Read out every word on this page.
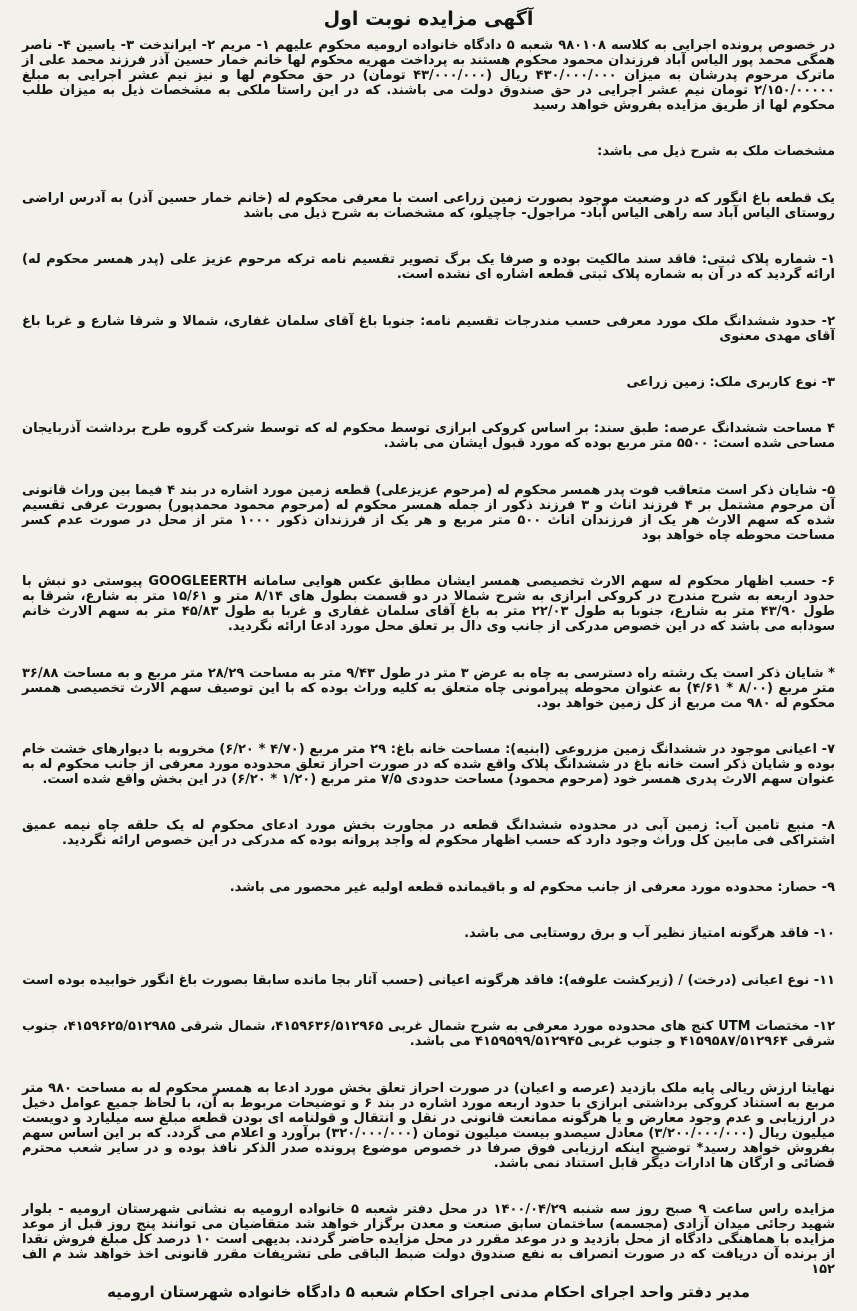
آگهی مزایده نوبت اول

در خصوص پرونده اجرایی به کلاسه ۹۸۰۱۰۸ شعبه ۵ دادگاه خانواده ارومیه محکوم علیهم ۱- مریم ۲- ایراندخت ۳- یاسین ۴- ناصر همگی محمد پور الیاس آباد فرزندان محمود محکوم هستند به پرداخت مهریه محکوم لها خانم خمار حسین آذر فرزند محمد علی از ماترک مرحوم پدرشان به میزان ۴۳۰/۰۰۰/۰۰۰ ریال (۴۳/۰۰۰/۰۰۰ تومان) در حق محکوم لها و نیز نیم عشر اجرایی به مبلغ ۲/۱۵۰/۰۰۰۰۰ تومان نیم عشر اجرایی در حق صندوق دولت می باشند. که در این راستا ملکی به مشخصات ذیل به میزان طلب محکوم لها از طریق مزایده بفروش خواهد رسید

مشخصات ملک به شرح ذیل می باشد:

یک قطعه باغ انگور که در وضعیت موجود بصورت زمین زراعی است با معرفی محکوم له (خانم خمار حسین آذر) به آدرس اراضی روستای الیاس آباد سه راهی الیاس آباد- مراجول- جاچیلو، که مشخصات به شرح ذیل می باشد

۱- شماره پلاک ثبتی: فاقد سند مالکیت بوده و صرفا یک برگ تصویر تقسیم نامه ترکه مرحوم عزیز علی (پدر همسر محکوم له) ارائه گردید که در آن به شماره پلاک ثبتی قطعه اشاره ای نشده است.

۲- حدود ششدانگ ملک مورد معرفی حسب مندرجات تقسیم نامه: جنوبا باغ آقای سلمان غفاری، شمالا و شرقا شارع و غربا باغ آقای مهدی معنوی

۳- نوع کاربری ملک: زمین زراعی

۴ مساحت ششدانگ عرصه: طبق سند: بر اساس کروکی ابرازی توسط محکوم له که توسط شرکت گروه طرح برداشت آذربایجان مساحی شده است: ۵۵۰۰ متر مربع بوده که مورد قبول ایشان می باشد.

۵- شایان ذکر است متعاقب فوت پدر همسر محکوم له (مرحوم عزیزعلی) قطعه زمین مورد اشاره در بند ۴ فیما بین وراث قانونی آن مرحوم مشتمل بر ۴ فرزند اناث و ۳ فرزند ذکور از جمله همسر محکوم له (مرحوم محمود محمدپور) بصورت عرفی تقسیم شده که سهم الارث هر یک از فرزندان اناث ۵۰۰ متر مربع و هر یک از فرزندان ذکور ۱۰۰۰ متر از محل در صورت عدم کسر مساحت محوطه چاه خواهد بود

۶- حسب اظهار محکوم له سهم الارث تخصیصی همسر ایشان مطابق عکس هوایی سامانه GOOGLEERTH پیوستی دو نبش با حدود اربعه به شرح مندرج در کروکی ابرازی به شرح شمالا در دو قسمت بطول های ۸/۱۴ متر و ۱۵/۶۱ متر به شارع، شرقا به طول ۴۳/۹۰ متر به شارع، جنوبا به طول ۲۲/۰۳ متر به باغ آقای سلمان غفاری و غربا به طول ۴۵/۸۳ متر به سهم الارث خانم سودابه می باشد که در این خصوص مدرکی از جانب وی دال بر تعلق محل مورد ادعا ارائه نگردید.

* شایان ذکر است یک رشته راه دسترسی به چاه به عرض ۳ متر در طول ۹/۴۳ متر به مساحت ۲۸/۲۹ متر مربع و به مساحت ۳۶/۸۸ متر مربع (۸/۰۰ * ۴/۶۱) به عنوان محوطه پیرامونی چاه متعلق به کلیه وراث بوده که با این توصیف سهم الارث تخصیصی همسر محکوم له ۹۸۰ مت مربع از کل زمین خواهد بود.

۷- اعیانی موجود در ششدانگ زمین مزروعی (ابنیه): مساحت خانه باغ: ۲۹ متر مربع (۴/۷۰ * ۶/۲۰) مخروبه با دیوارهای خشت خام بوده و شایان ذکر است خانه باغ در ششدانگ پلاک واقع شده که در صورت احراز تعلق محدوده مورد معرفی از جانب محکوم له به عنوان سهم الارث پدری همسر خود (مرحوم محمود) مساحت حدودی ۷/۵ متر مربع (۱/۲۰ * ۶/۲۰) در این بخش واقع شده است.

۸- منبع تامین آب: زمین آبی در محدوده ششدانگ قطعه در مجاورت بخش مورد ادعای محکوم له یک حلقه چاه نیمه عمیق اشتراکی فی مابین کل وراث وجود دارد که حسب اظهار محکوم له واجد پروانه بوده که مدرکی در این خصوص ارائه نگردید.

۹- حصار: محدوده مورد معرفی از جانب محکوم له و باقیمانده قطعه اولیه غیر محصور می باشد.

۱۰- فاقد هرگونه امتیاز نظیر آب و برق روستایی می باشد.

۱۱- نوع اعیانی (درخت) / (زیرکشت علوفه): فاقد هرگونه اعیانی (حسب آثار بجا مانده سابقا بصورت باغ انگور خوابیده بوده است

۱۲- مختصات UTM کنج های محدوده مورد معرفی به شرح شمال غربی ۴۱۵۹۶۳۶/۵۱۲۹۶۵، شمال شرقی ۴۱۵۹۶۲۵/۵۱۲۹۸۵، جنوب شرقی ۴۱۵۹۵۸۷/۵۱۲۹۶۴ و جنوب غربی ۴۱۵۹۵۹۹/۵۱۲۹۴۵ می باشد.

نهایتا ارزش ریالی پایه ملک بازدید (عرصه و اعیان) در صورت احراز تعلق بخش مورد ادعا به همسر محکوم له به مساحت ۹۸۰ متر مربع به استناد کروکی برداشتی ابرازی با حدود اربعه مورد اشاره در بند ۶ و توضیحات مربوط به آن، با لحاظ جمیع عوامل دخیل در ارزیابی و عدم وجود معارض و یا هرگونه ممانعت قانونی در نقل و انتقال و قولنامه ای بودن قطعه مبلغ سه میلیارد و دویست میلیون ریال (۳/۲۰۰/۰۰۰/۰۰۰) معادل سیصدو بیست میلیون تومان (۳۲۰/۰۰۰/۰۰۰) برآورد و اعلام می گردد. که بر این اساس سهم بفروش خواهد رسید* توضیح اینکه ارزیابی فوق صرفا در خصوص موضوع پرونده صدر الذکر نافذ بوده و در سایر شعب محترم قضائی و ارگان ها ادارات دیگر قابل استناد نمی باشد.

مزایده راس ساعت ۹ صبح روز سه شنبه ۱۴۰۰/۰۴/۲۹ در محل دفتر شعبه ۵ خانواده ارومیه به نشانی شهرستان ارومیه - بلوار شهید رجائی میدان آزادی (مجسمه) ساختمان سابق صنعت و معدن برگزار خواهد شد متقاضیان می توانند پنج روز قبل از موعد مزایده با هماهنگی دادگاه از محل بازدید و در موعد مقرر در محل مزایده حاضر گردند. بدیهی است ۱۰ درصد کل مبلغ فروش نقدا از برنده آن دریافت که در صورت انصراف به نفع صندوق دولت ضبط الباقی طی تشریفات مقرر قانونی اخذ خواهد شد م الف ۱۵۲

مدیر دفتر واحد اجرای احکام مدنی اجرای احکام شعبه ۵ دادگاه خانواده شهرستان ارومیه
